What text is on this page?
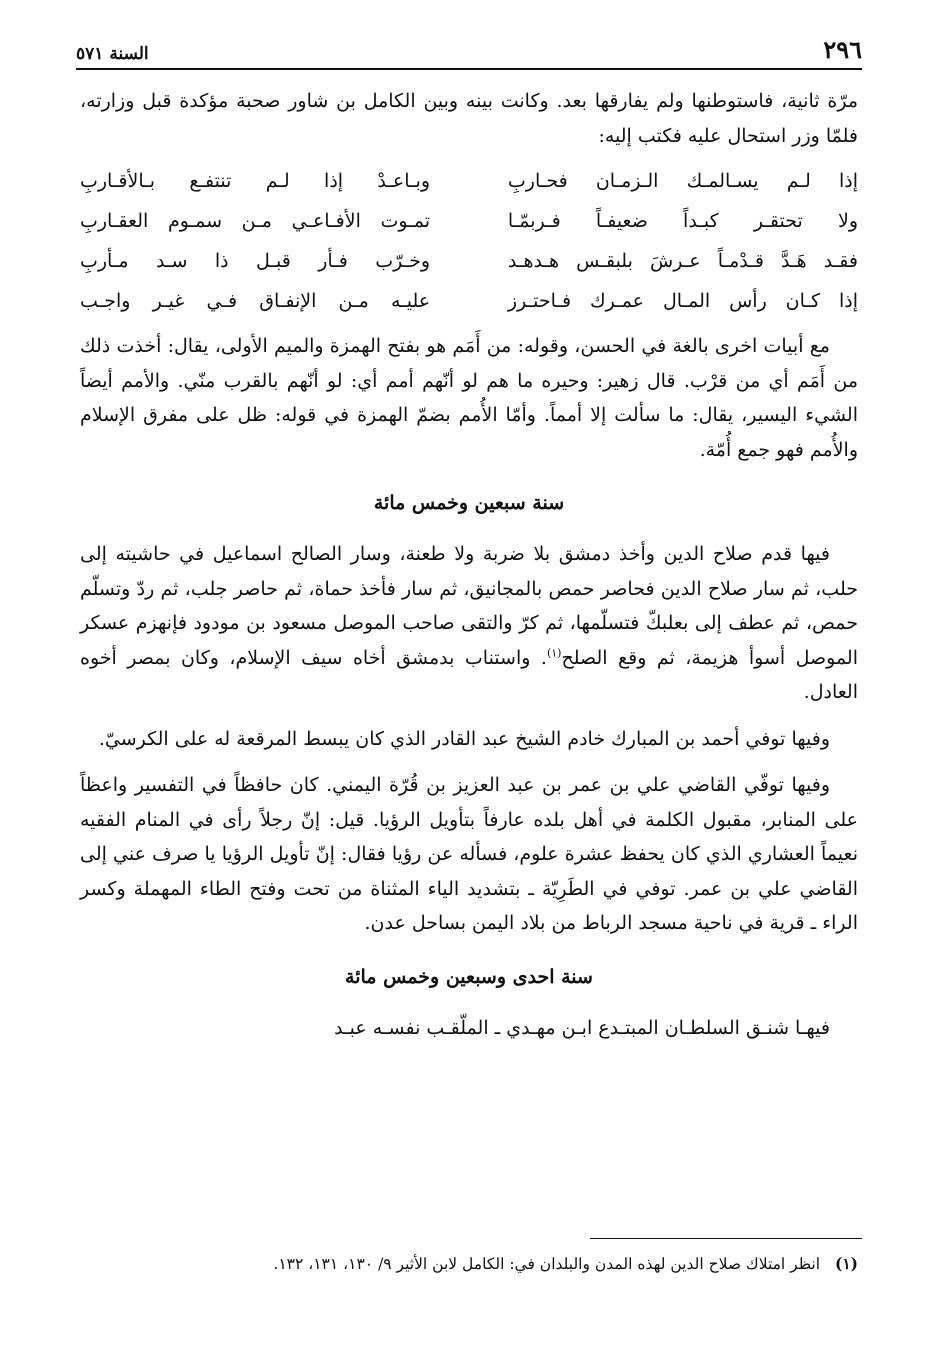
٢٩٦
السنة ٥٧١

مرّة ثانية، فاستوطنها ولم يفارقها بعد. وكانت بينه وبين الكامل بن شاور صحبة مؤكدة قبل وزارته، فلمّا وزر استحال عليه فكتب إليه:

إذا لـم يسـالمـك الـزمـان فحـاربِ
وبـاعـدْ إذا لـم تنتفـع بـالأقـاربِ
ولا تحتقـر كبـداً ضعيفـاً فـربمّـا
تمـوت الأفـاعـي مـن سمـوم العقـاربِ
فقـد هَـدَّ قـدْمـاً عـرشَ بلبقـس هـدهـد
وخـرّب فـأر قبـل ذا سـد مـأربِ
إذا كـان رأس المـال عمـرك فـاحتـرز
عليـه مـن الإنفـاق فـي غيـر واجـب

مع أبيات اخرى بالغة في الحسن، وقوله: من أَمَم هو بفتح الهمزة والميم الأولى، يقال: أخذت ذلك من أَمَم أي من قرْب. قال زهير: وحيره ما هم لو أنّهم أمم أي: لو أنّهم بالقرب منّي. والأمم أيضاً الشيء اليسير، يقال: ما سألت إلا أمماً. وأمّا الأُمم بضمّ الهمزة في قوله: ظل على مفرق الإسلام والأُمم فهو جمع أُمّة.

سنة سبعين وخمس مائة

فيها قدم صلاح الدين وأخذ دمشق بلا ضربة ولا طعنة، وسار الصالح اسماعيل في حاشيته إلى حلب، ثم سار صلاح الدين فحاصر حمص بالمجانيق، ثم سار فأخذ حماة، ثم حاصر جلب، ثم ردّ وتسلّم حمص، ثم عطف إلى بعلبكّ فتسلّمها، ثم كرّ والتقى صاحب الموصل مسعود بن مودود فإنهزم عسكر الموصل أسوأ هزيمة، ثم وقع الصلح$^{(١)}$. واستناب بدمشق أخاه سيف الإسلام، وكان بمصر أخوه العادل.

وفيها توفي أحمد بن المبارك خادم الشيخ عبد القادر الذي كان يبسط المرقعة له على الكرسيّ.

وفيها توفّي القاضي علي بن عمر بن عبد العزيز بن قُرّة اليمني. كان حافظاً في التفسير واعظاً على المنابر، مقبول الكلمة في أهل بلده عارفاً بتأويل الرؤيا. قيل: إنّ رجلاً رأى في المنام الفقيه نعيماً العشاري الذي كان يحفظ عشرة علوم، فسأله عن رؤيا فقال: إنّ تأويل الرؤيا يا صرف عني إلى القاضي علي بن عمر. توفي في الطَرِيّة ـ بتشديد الياء المثناة من تحت وفتح الطاء المهملة وكسر الراء ـ قرية في ناحية مسجد الرباط من بلاد اليمن بساحل عدن.

سنة احدى وسبعين وخمس مائة

فيهـا شنـق السلطـان المبتـدع ابـن مهـدي ـ الملّقـب نفسـه عبـد

(١) انظر امتلاك صلاح الدين لهذه المدن والبلدان في: الكامل لابن الأثير ٩/ ١٣٠، ١٣١، ١٣٢.
